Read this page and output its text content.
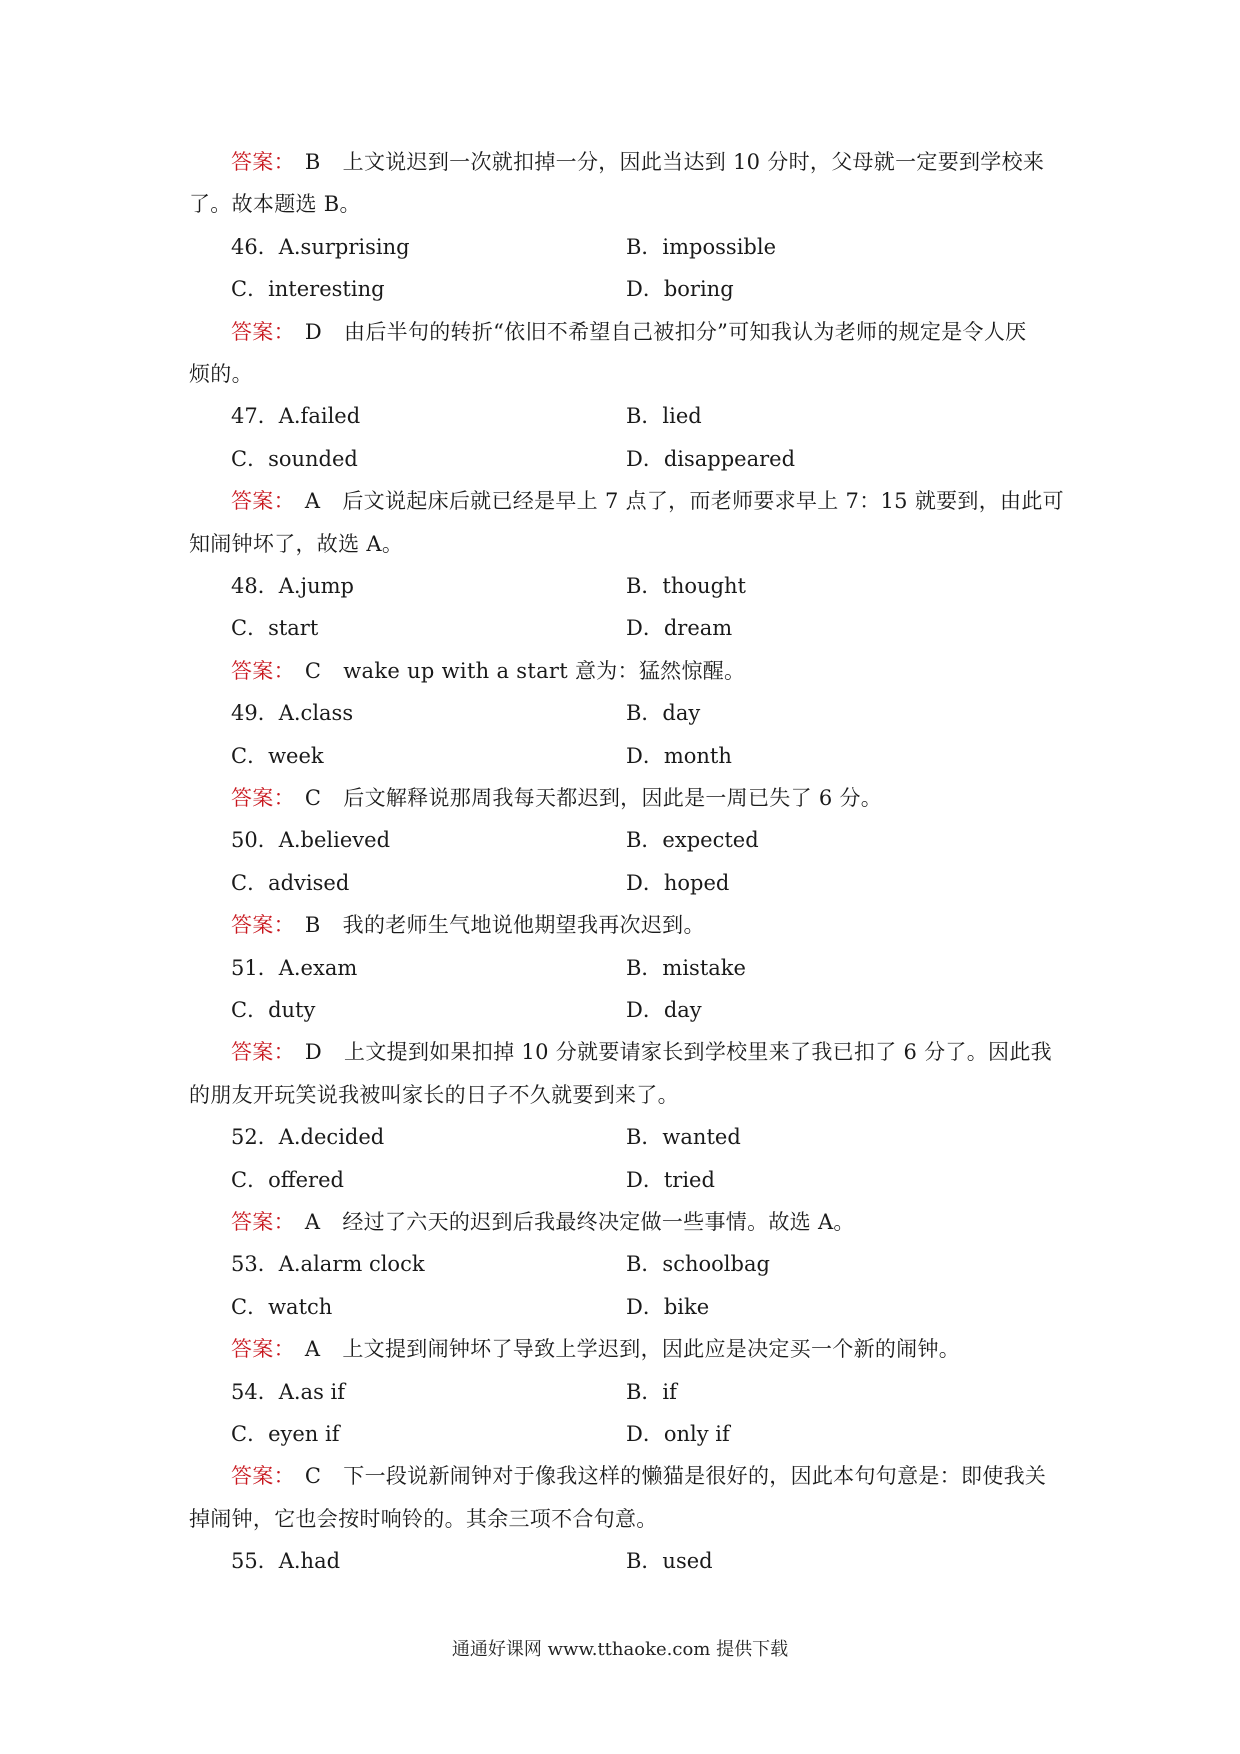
答案： B 上文说迟到一次就扣掉一分，因此当达到 10 分时，父母就一定要到学校来
了。故本题选 B。
46．A.surprising	B．impossible
C．interesting	D．boring
答案： D 由后半句的转折“依旧不希望自己被扣分”可知我认为老师的规定是令人厌
烦的。
47．A.failed	B．lied
C．sounded	D．disappeared
答案： A 后文说起床后就已经是早上 7 点了，而老师要求早上 7：15 就要到，由此可
知闹钟坏了，故选 A。
48．A.jump	B．thought
C．start	D．dream
答案： C wake up with a start 意为：猛然惊醒。
49．A.class	B．day
C．week	D．month
答案： C 后文解释说那周我每天都迟到，因此是一周已失了 6 分。
50．A.believed	B．expected
C．advised	D．hoped
答案： B 我的老师生气地说他期望我再次迟到。
51．A.exam	B．mistake
C．duty	D．day
答案： D 上文提到如果扣掉 10 分就要请家长到学校里来了我已扣了 6 分了。因此我
的朋友开玩笑说我被叫家长的日子不久就要到来了。
52．A.decided	B．wanted
C．offered	D．tried
答案： A 经过了六天的迟到后我最终决定做一些事情。故选 A。
53．A.alarm clock	B．schoolbag
C．watch	D．bike
答案： A 上文提到闹钟坏了导致上学迟到，因此应是决定买一个新的闹钟。
54．A.as if	B．if
C．eyen if	D．only if
答案： C 下一段说新闹钟对于像我这样的懒猫是很好的，因此本句句意是：即使我关
掉闹钟，它也会按时响铃的。其余三项不合句意。
55．A.had	B．used
通通好课网 www.tthaoke.com 提供下载
